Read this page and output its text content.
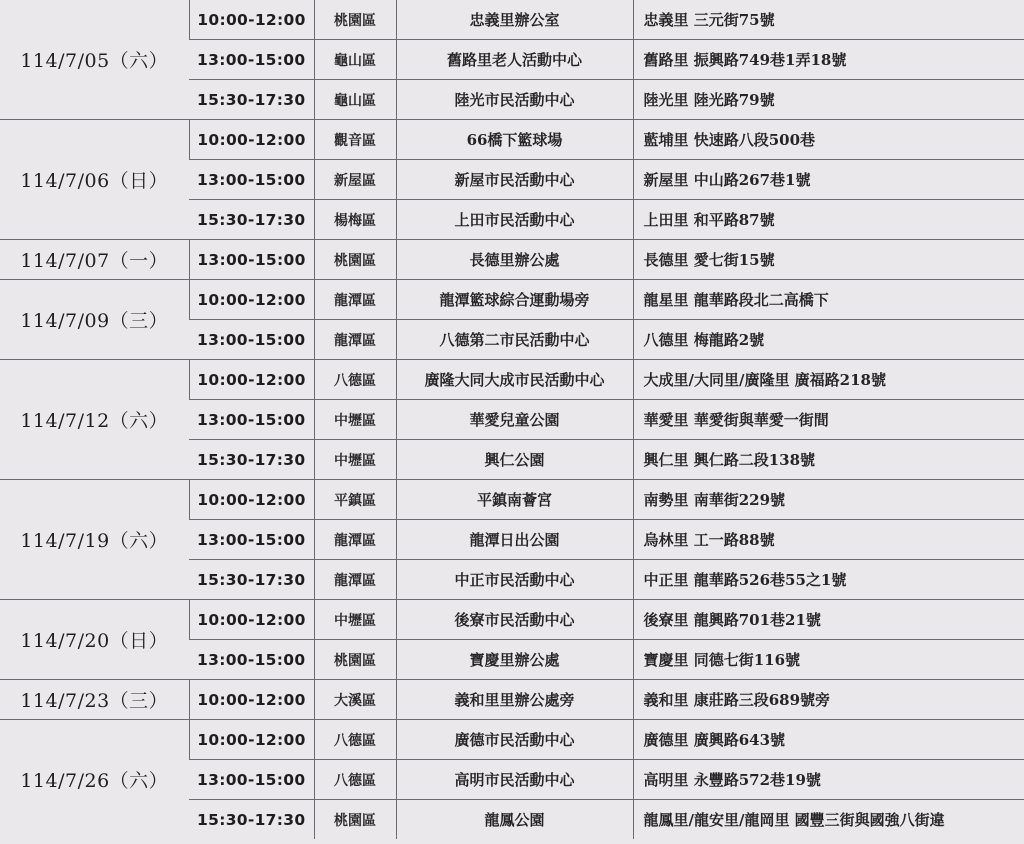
114/7/05（六）	10:00-12:00	桃園區	忠義里辦公室	忠義里 三元街75號
	13:00-15:00	龜山區	舊路里老人活動中心	舊路里 振興路749巷1弄18號
	15:30-17:30	龜山區	陸光市民活動中心	陸光里 陸光路79號
114/7/06（日）	10:00-12:00	觀音區	66橋下籃球場	藍埔里 快速路八段500巷
	13:00-15:00	新屋區	新屋市民活動中心	新屋里 中山路267巷1號
	15:30-17:30	楊梅區	上田市民活動中心	上田里 和平路87號
114/7/07（一）	13:00-15:00	桃園區	長德里辦公處	長德里 愛七街15號
114/7/09（三）	10:00-12:00	龍潭區	龍潭籃球綜合運動場旁	龍星里 龍華路段北二高橋下
	13:00-15:00	龍潭區	八德第二市民活動中心	八德里 梅龍路2號
114/7/12（六）	10:00-12:00	八德區	廣隆大同大成市民活動中心	大成里/大同里/廣隆里 廣福路218號
	13:00-15:00	中壢區	華愛兒童公園	華愛里 華愛街與華愛一街間
	15:30-17:30	中壢區	興仁公園	興仁里 興仁路二段138號
114/7/19（六）	10:00-12:00	平鎮區	平鎮南薈宮	南勢里 南華街229號
	13:00-15:00	龍潭區	龍潭日出公園	烏林里 工一路88號
	15:30-17:30	龍潭區	中正市民活動中心	中正里 龍華路526巷55之1號
114/7/20（日）	10:00-12:00	中壢區	後寮市民活動中心	後寮里 龍興路701巷21號
	13:00-15:00	桃園區	寶慶里辦公處	寶慶里 同德七街116號
114/7/23（三）	10:00-12:00	大溪區	義和里里辦公處旁	義和里 康莊路三段689號旁
114/7/26（六）	10:00-12:00	八德區	廣德市民活動中心	廣德里 廣興路643號
	13:00-15:00	八德區	高明市民活動中心	高明里 永豐路572巷19號
	15:30-17:30	桃園區	龍鳳公園	龍鳳里/龍安里/龍岡里 國豐三街與國強八街違
